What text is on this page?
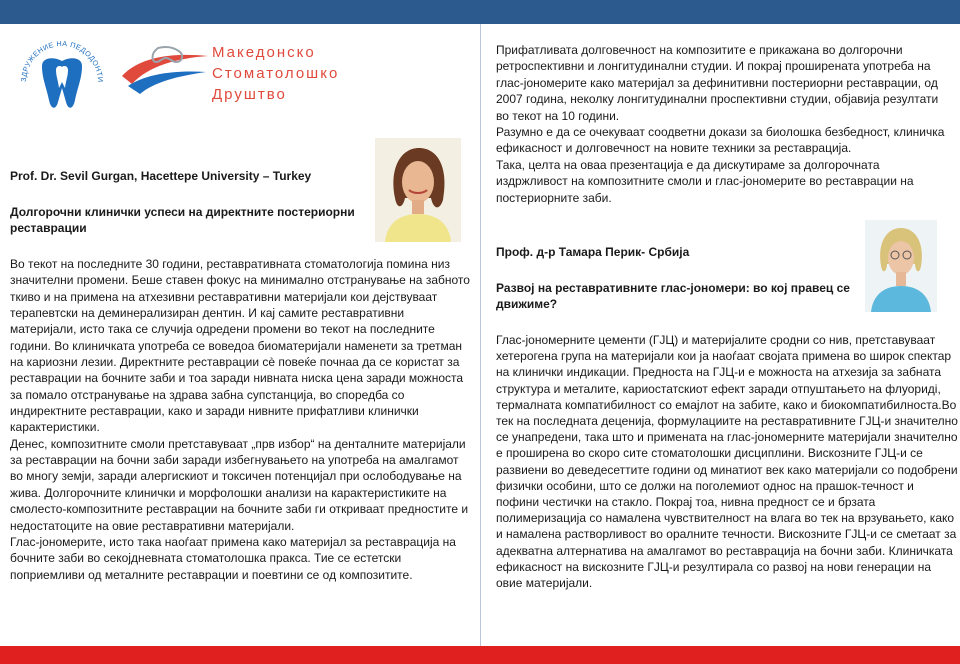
ЗДРУЖЕНИЕ НА ПЕДОДОНТИ
Македонско
Стоматолошко
Друштво
Prof. Dr. Sevil Gurgan, Hacettepe University – Turkey
Долгорочни клинички успеси на директните постериорни реставрации

Во текот на последните 30 години, реставративната стоматологија помина низ значителни промени. Беше ставен фокус на минимално отстранување на забното ткиво и на примена на атхезивни реставративни материјали кои дејствуваат терапевтски на деминерализиран дентин. И кај самите реставративни материјали, исто така се случија одредени промени во текот на последните години. Во клиничката употреба се воведоа биоматеријали наменети за третман на кариозни лезии. Директните реставрации сè повеќе почнаа да се користат за реставрации на бочните заби и тоа заради нивната ниска цена заради можноста за помало отстранување на здрава забна супстанција, во споредба со индиректните реставрации, како и заради нивните прифатливи клинички карактеристики.

Денес, композитните смоли претставуваат „прв избор“ на денталните материјали за реставрации на бочни заби заради избегнувањето на употреба на амалгамот во многу земји, заради алергискиот и токсичен потенцијал при ослободување на жива. Долгорочните клинички и морфолошки анализи на карактеристиките на смолесто-композитните реставрации на бочните заби ги откриваат предностите и недостатоците на овие реставративни материјали.

Глас-јономерите, исто така наоѓаат примена како материјал за реставрација на бочните заби во секојдневната стоматолошка пракса. Тие се естетски поприемливи од металните реставрации и поевтини се од композитите.

Прифатливата долговечност на композитите е прикажана во долгорочни ретроспективни и лонгитудинални студии. И покрај проширената употреба на глас-јономерите како материјал за дефинитивни постериорни реставрации, од 2007 година, неколку лонгитудинални проспективни студии, објавија резултати во текот на 10 години.

Разумно е да се очекуваат соодветни докази за биолошка безбедност, клиничка ефикасност и долговечност на новите техники за реставрација.

Така, целта на оваа презентација е да дискутираме за долгорочната издржливост на композитните смоли и глас-јономерите во реставрации на постериорните заби.

Проф. д-р Тамара Перик- Србија
Развој на реставративните глас-јономери: во кој правец се движиме?

Глас-јономерните цементи (ГЈЦ) и материјалите сродни со нив, претставуваат хетерогена група на материјали кои ја наоѓаат својата примена во широк спектар на клинички индикации. Предноста на ГЈЦ-и е можноста на атхезија за забната структура и металите, кариостатскиот ефект заради отпуштањето на флуоридi, термалната компатибилност со емајлот на забите, како и биокомпатибилноста.Во тек на последната деценија, формулациите на реставративните ГЈЦ-и значително се унапредени, така што и примената на глас-јономерните материјали значително е проширена во скоро сите стоматолошки дисциплини. Вискозните ГЈЦ-и се развиени во деведесеттите години од минатиот век како материјали со подобрени физички особини, што се должи на поголемиот однос на прашок-течност и пофини честички на стакло. Покрај тоа, нивна предност се и брзата полимеризација со намалена чувствителност на влага во тек на врзувањето, како и намалена растворливост во оралните течности. Вискозните ГЈЦ-и се сметаат за адекватна алтернатива на амалгамот во реставрација на бочни заби. Клиничката ефикасност на вискозните ГЈЦ-и резултирала со развој на нови генерации на овие материјали.
